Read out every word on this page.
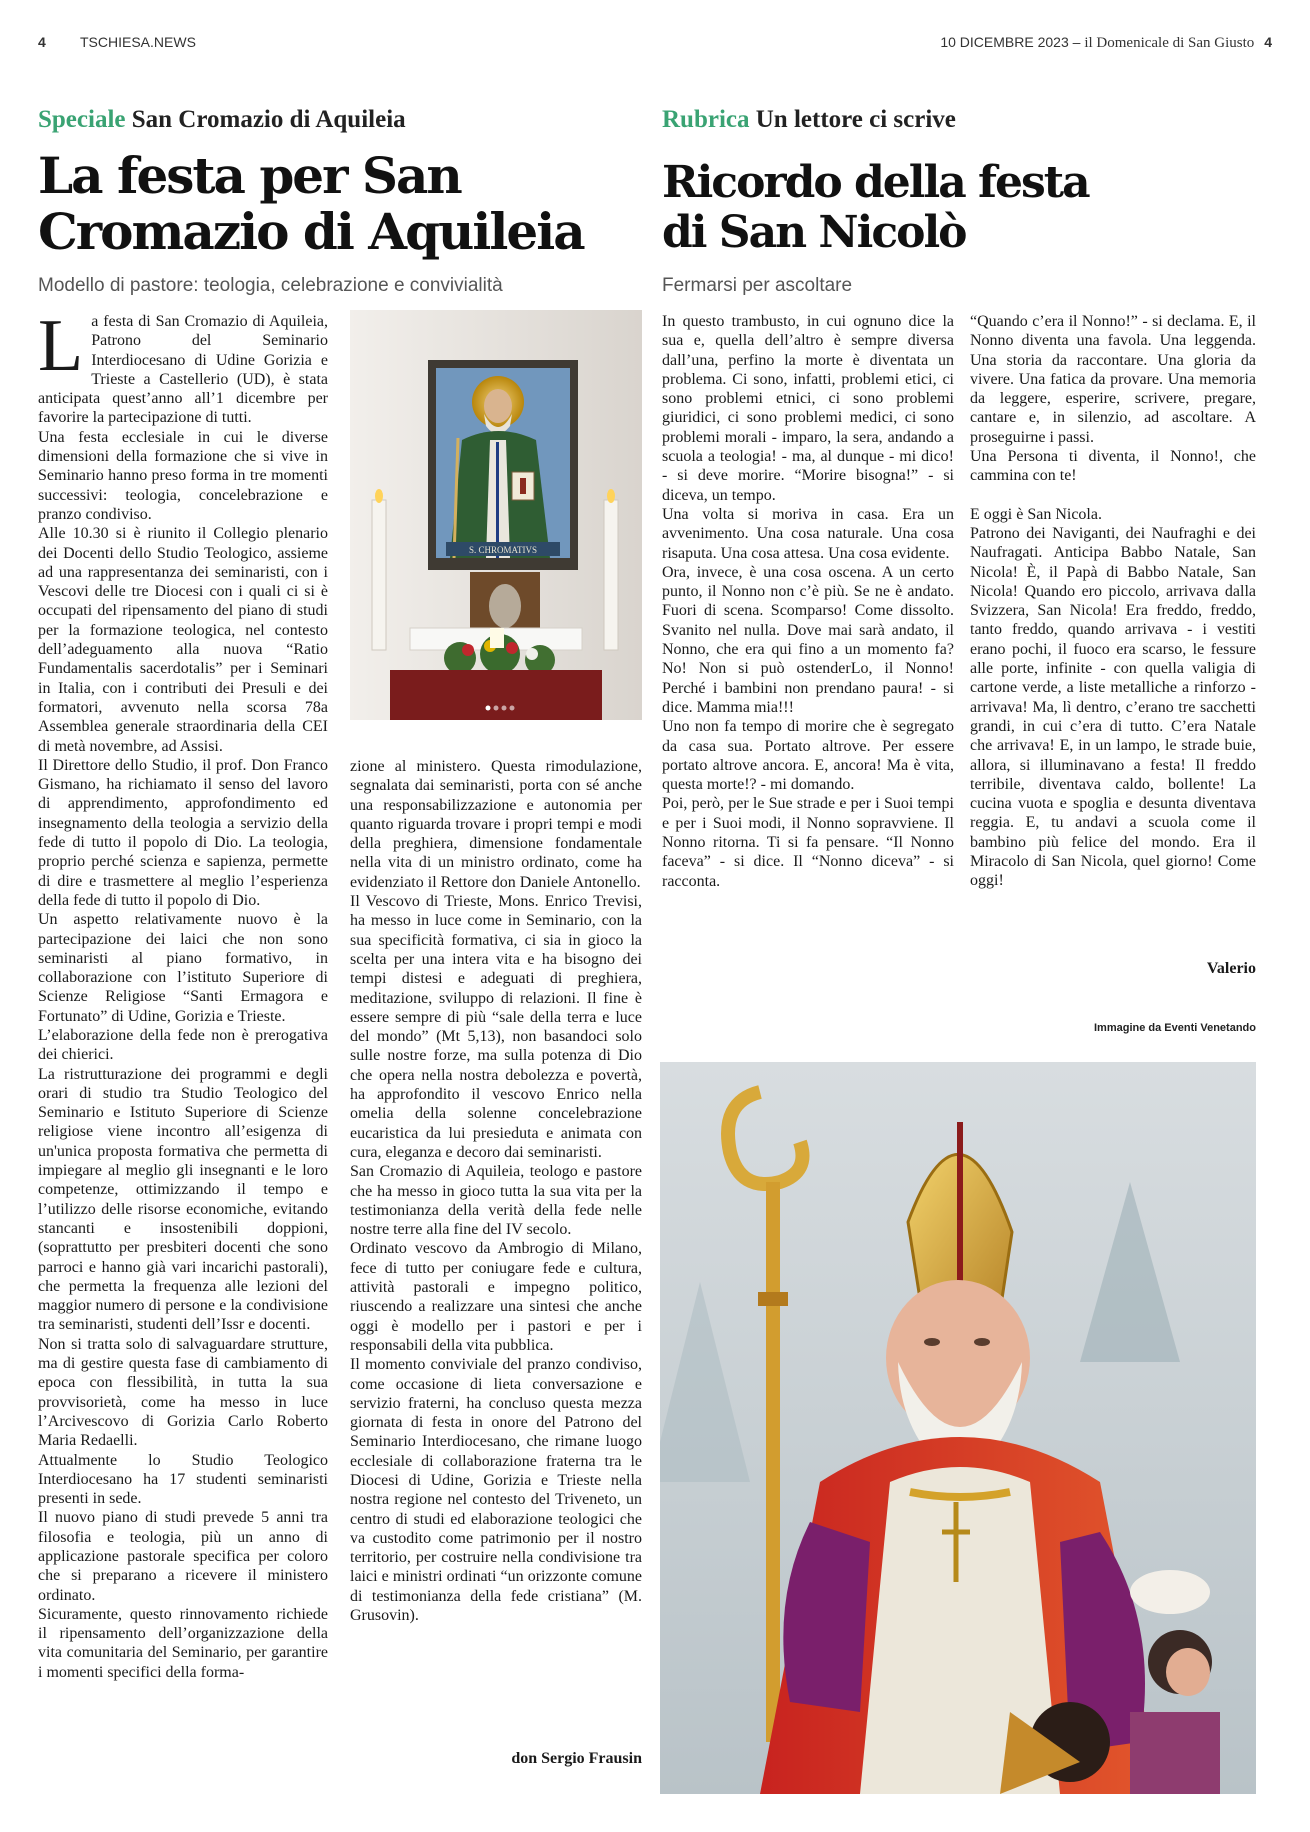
4 TSCHIESA.NEWS	10 DICEMBRE 2023 – il Domenicale di San Giusto 4
Speciale San Cromazio di Aquileia
La festa per San
Cromazio di Aquileia
Modello di pastore: teologia, celebrazione e convivialità

La festa di San Cromazio di Aquileia, Patrono del Seminario Interdiocesano di Udine Gorizia e Trieste a Castellerio (UD), è stata anticipata quest’anno all’1 dicembre per favorire la partecipazione di tutti.

Una festa ecclesiale in cui le diverse dimensioni della formazione che si vive in Seminario hanno preso forma in tre momenti successivi: teologia, concelebrazione e pranzo condiviso.

Alle 10.30 si è riunito il Collegio plenario dei Docenti dello Studio Teologico, assieme ad una rappresentanza dei seminaristi, con i Vescovi delle tre Diocesi con i quali ci si è occupati del ripensamento del piano di studi per la formazione teologica, nel contesto dell’adeguamento alla nuova “Ratio Fundamentalis sacerdotalis” per i Seminari in Italia, con i contributi dei Presuli e dei formatori, avvenuto nella scorsa 78a Assemblea generale straordinaria della CEI di metà novembre, ad Assisi.

Il Direttore dello Studio, il prof. Don Franco Gismano, ha richiamato il senso del lavoro di apprendimento, approfondimento ed insegnamento della teologia a servizio della fede di tutto il popolo di Dio. La teologia, proprio perché scienza e sapienza, permette di dire e trasmettere al meglio l’esperienza della fede di tutto il popolo di Dio.

Un aspetto relativamente nuovo è la partecipazione dei laici che non sono seminaristi al piano formativo, in collaborazione con l’istituto Superiore di Scienze Religiose “Santi Ermagora e Fortunato” di Udine, Gorizia e Trieste.

L’elaborazione della fede non è prerogativa dei chierici.

La ristrutturazione dei programmi e degli orari di studio tra Studio Teologico del Seminario e Istituto Superiore di Scienze religiose viene incontro all’esigenza di un'unica proposta formativa che permetta di impiegare al meglio gli insegnanti e le loro competenze, ottimizzando il tempo e l’utilizzo delle risorse economiche, evitando stancanti e insostenibili doppioni, (soprattutto per presbiteri docenti che sono parroci e hanno già vari incarichi pastorali), che permetta la frequenza alle lezioni del maggior numero di persone e la condivisione tra seminaristi, studenti dell’Issr e docenti.

Non si tratta solo di salvaguardare strutture, ma di gestire questa fase di cambiamento di epoca con flessibilità, in tutta la sua provvisorietà, come ha messo in luce l’Arcivescovo di Gorizia Carlo Roberto Maria Redaelli.

Attualmente lo Studio Teologico Interdiocesano ha 17 studenti seminaristi presenti in sede.

Il nuovo piano di studi prevede 5 anni tra filosofia e teologia, più un anno di applicazione pastorale specifica per coloro che si preparano a ricevere il ministero ordinato.

Sicuramente, questo rinnovamento richiede il ripensamento dell’organizzazione della vita comunitaria del Seminario, per garantire i momenti specifici della forma-

S. CHROMATIVS

zione al ministero. Questa rimodulazione, segnalata dai seminaristi, porta con sé anche una responsabilizzazione e autonomia per quanto riguarda trovare i propri tempi e modi della preghiera, dimensione fondamentale nella vita di un ministro ordinato, come ha evidenziato il Rettore don Daniele Antonello.

Il Vescovo di Trieste, Mons. Enrico Trevisi, ha messo in luce come in Seminario, con la sua specificità formativa, ci sia in gioco la scelta per una intera vita e ha bisogno dei tempi distesi e adeguati di preghiera, meditazione, sviluppo di relazioni. Il fine è essere sempre di più “sale della terra e luce del mondo” (Mt 5,13), non basandoci solo sulle nostre forze, ma sulla potenza di Dio che opera nella nostra debolezza e povertà, ha approfondito il vescovo Enrico nella omelia della solenne concelebrazione eucaristica da lui presieduta e animata con cura, eleganza e decoro dai seminaristi.

San Cromazio di Aquileia, teologo e pastore che ha messo in gioco tutta la sua vita per la testimonianza della verità della fede nelle nostre terre alla fine del IV secolo.

Ordinato vescovo da Ambrogio di Milano, fece di tutto per coniugare fede e cultura, attività pastorali e impegno politico, riuscendo a realizzare una sintesi che anche oggi è modello per i pastori e per i responsabili della vita pubblica.

Il momento conviviale del pranzo condiviso, come occasione di lieta conversazione e servizio fraterni, ha concluso questa mezza giornata di festa in onore del Patrono del Seminario Interdiocesano, che rimane luogo ecclesiale di collaborazione fraterna tra le Diocesi di Udine, Gorizia e Trieste nella nostra regione nel contesto del Triveneto, un centro di studi ed elaborazione teologici che va custodito come patrimonio per il nostro territorio, per costruire nella condivisione tra laici e ministri ordinati “un orizzonte comune di testimonianza della fede cristiana” (M. Grusovin).

don Sergio Frausin
Rubrica Un lettore ci scrive
Ricordo della festa
di San Nicolò
Fermarsi per ascoltare

In questo trambusto, in cui ognuno dice la sua e, quella dell’altro è sempre diversa dall’una, perfino la morte è diventata un problema. Ci sono, infatti, problemi etici, ci sono problemi etnici, ci sono problemi giuridici, ci sono problemi medici, ci sono problemi morali - imparo, la sera, andando a scuola a teologia! - ma, al dunque - mi dico! - si deve morire. “Morire bisogna!” - si diceva, un tempo.

Una volta si moriva in casa. Era un avvenimento. Una cosa naturale. Una cosa risaputa. Una cosa attesa. Una cosa evidente.

Ora, invece, è una cosa oscena. A un certo punto, il Nonno non c’è più. Se ne è andato. Fuori di scena. Scomparso! Come dissolto. Svanito nel nulla. Dove mai sarà andato, il Nonno, che era qui fino a un momento fa? No! Non si può ostenderLo, il Nonno! Perché i bambini non prendano paura! - si dice. Mamma mia!!!

Uno non fa tempo di morire che è segregato da casa sua. Portato altrove. Per essere portato altrove ancora. E, ancora! Ma è vita, questa morte!? - mi domando.

Poi, però, per le Sue strade e per i Suoi tempi e per i Suoi modi, il Nonno sopravviene. Il Nonno ritorna. Ti si fa pensare. “Il Nonno faceva” - si dice. Il “Nonno diceva” - si racconta.

“Quando c’era il Nonno!” - si declama. E, il Nonno diventa una favola. Una leggenda. Una storia da raccontare. Una gloria da vivere. Una fatica da provare. Una memoria da leggere, esperire, scrivere, pregare, cantare e, in silenzio, ad ascoltare. A proseguirne i passi.

Una Persona ti diventa, il Nonno!, che cammina con te!

E oggi è San Nicola.

Patrono dei Naviganti, dei Naufraghi e dei Naufragati. Anticipa Babbo Natale, San Nicola! È, il Papà di Babbo Natale, San Nicola! Quando ero piccolo, arrivava dalla Svizzera, San Nicola! Era freddo, freddo, tanto freddo, quando arrivava - i vestiti erano pochi, il fuoco era scarso, le fessure alle porte, infinite - con quella valigia di cartone verde, a liste metalliche a rinforzo - arrivava! Ma, lì dentro, c’erano tre sacchetti grandi, in cui c’era di tutto. C’era Natale che arrivava! E, in un lampo, le strade buie, allora, si illuminavano a festa! Il freddo terribile, diventava caldo, bollente! La cucina vuota e spoglia e desunta diventava reggia. E, tu andavi a scuola come il bambino più felice del mondo. Era il Miracolo di San Nicola, quel giorno! Come oggi!

Valerio
Immagine da Eventi Venetando
